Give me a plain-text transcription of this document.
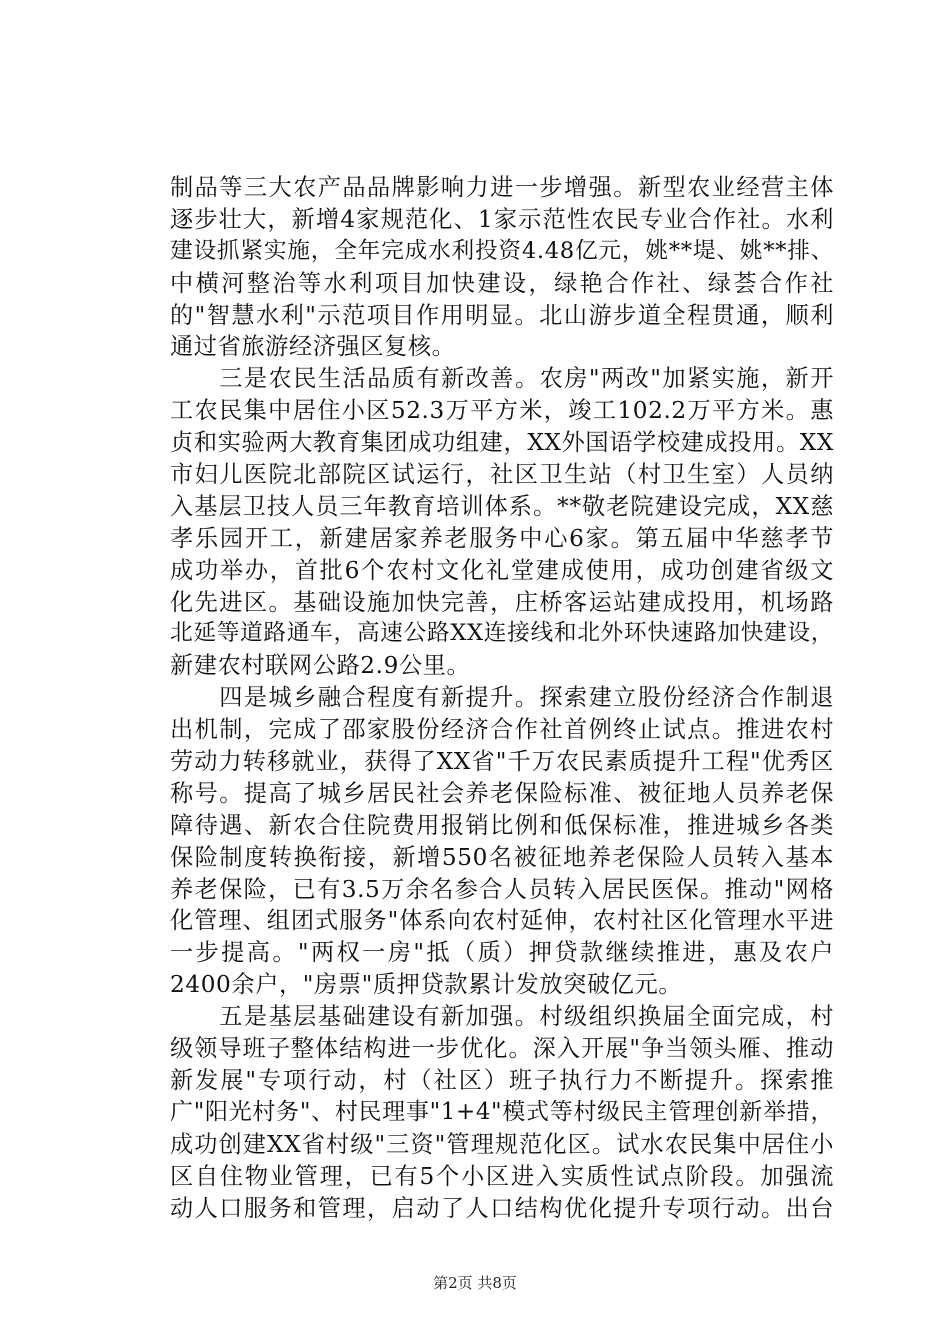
制品等三大农产品品牌影响力进一步增强。新型农业经营主体
逐步壮大，新增4家规范化、1家示范性农民专业合作社。水利
建设抓紧实施，全年完成水利投资4.48亿元，姚**堤、姚**排、
中横河整治等水利项目加快建设，绿艳合作社、绿荟合作社
的"智慧水利"示范项目作用明显。北山游步道全程贯通，顺利
通过省旅游经济强区复核。
　　三是农民生活品质有新改善。农房"两改"加紧实施，新开
工农民集中居住小区52.3万平方米，竣工102.2万平方米。惠
贞和实验两大教育集团成功组建，XX外国语学校建成投用。XX
市妇儿医院北部院区试运行，社区卫生站（村卫生室）人员纳
入基层卫技人员三年教育培训体系。**敬老院建设完成，XX慈
孝乐园开工，新建居家养老服务中心6家。第五届中华慈孝节
成功举办，首批6个农村文化礼堂建成使用，成功创建省级文
化先进区。基础设施加快完善，庄桥客运站建成投用，机场路
北延等道路通车，高速公路XX连接线和北外环快速路加快建设，
新建农村联网公路2.9公里。
　　四是城乡融合程度有新提升。探索建立股份经济合作制退
出机制，完成了邵家股份经济合作社首例终止试点。推进农村
劳动力转移就业，获得了XX省"千万农民素质提升工程"优秀区
称号。提高了城乡居民社会养老保险标准、被征地人员养老保
障待遇、新农合住院费用报销比例和低保标准，推进城乡各类
保险制度转换衔接，新增550名被征地养老保险人员转入基本
养老保险，已有3.5万余名参合人员转入居民医保。推动"网格
化管理、组团式服务"体系向农村延伸，农村社区化管理水平进
一步提高。"两权一房"抵（质）押贷款继续推进，惠及农户
2400余户，"房票"质押贷款累计发放突破亿元。
　　五是基层基础建设有新加强。村级组织换届全面完成，村
级领导班子整体结构进一步优化。深入开展"争当领头雁、推动
新发展"专项行动，村（社区）班子执行力不断提升。探索推
广"阳光村务"、村民理事"1+4"模式等村级民主管理创新举措，
成功创建XX省村级"三资"管理规范化区。试水农民集中居住小
区自住物业管理，已有5个小区进入实质性试点阶段。加强流
动人口服务和管理，启动了人口结构优化提升专项行动。出台
第2页 共8页
